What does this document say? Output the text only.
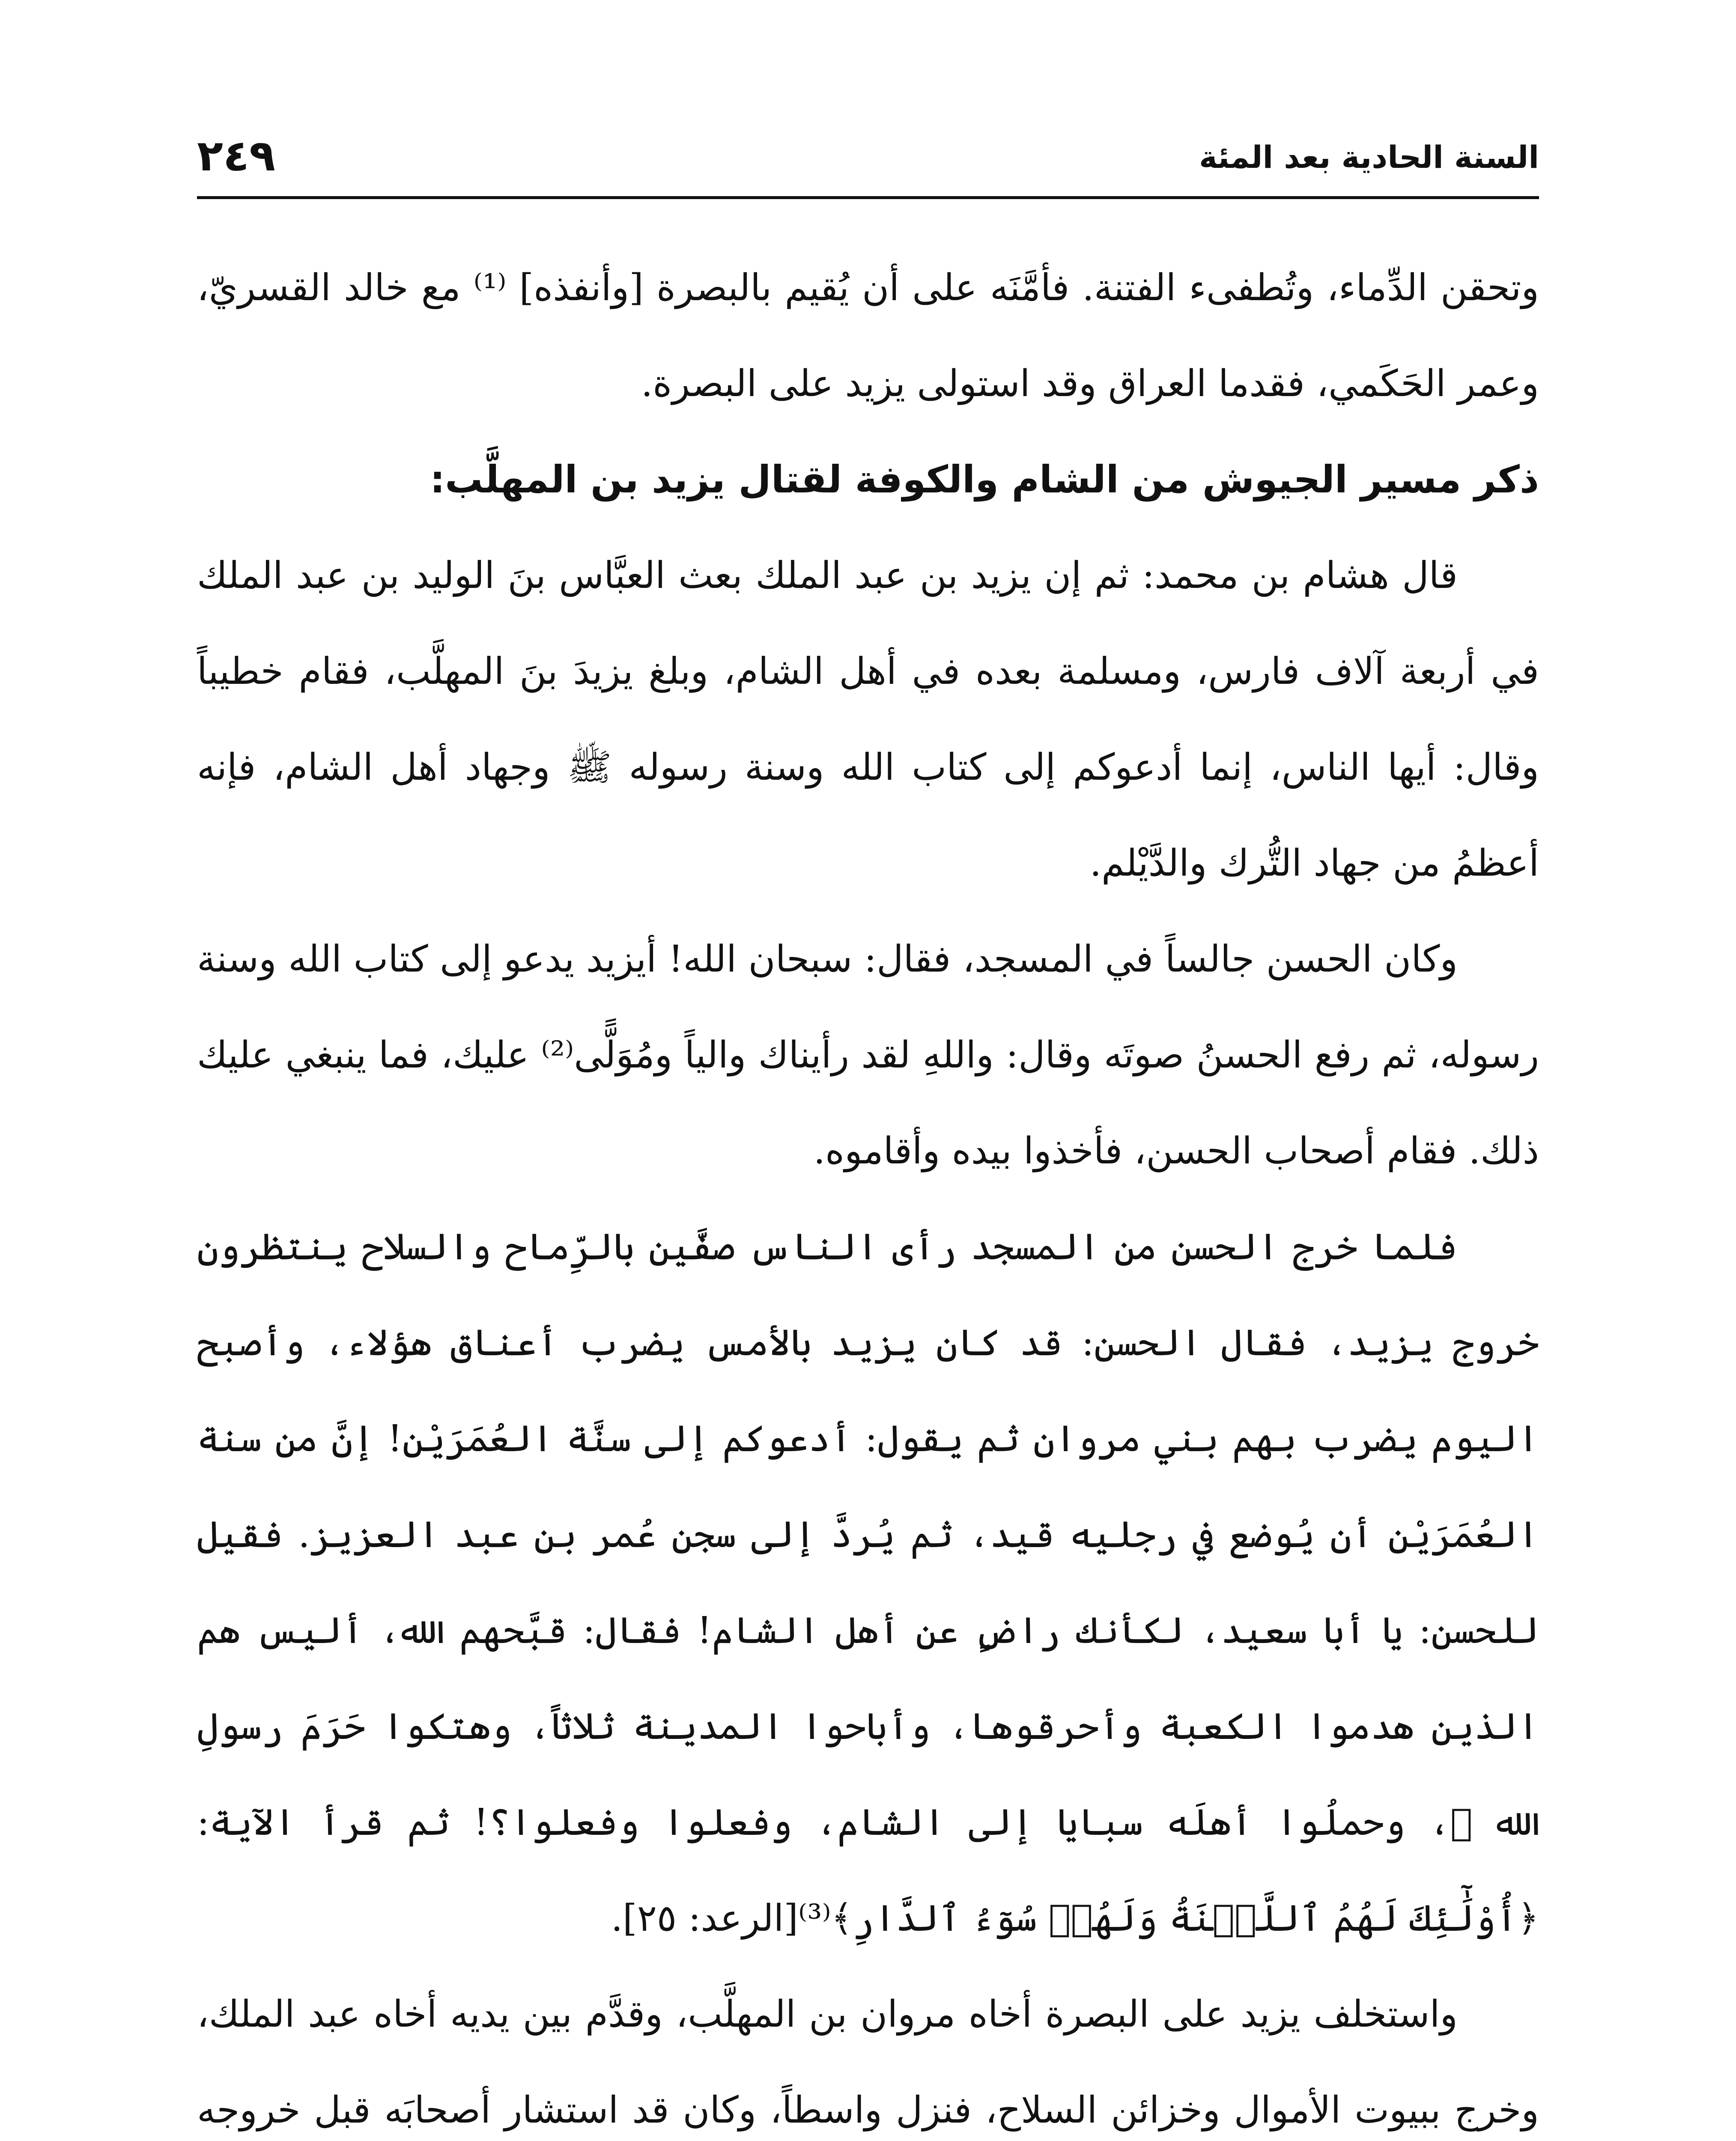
السنة الحادية بعد المئة
٢٤٩

وتحقن الدِّماء، وتُطفىء الفتنة. فأمَّنَه على أن يُقيم بالبصرة [وأنفذه] ⁽¹⁾ مع خالد القسريّ، وعمر الحَكَمي، فقدما العراق وقد استولى يزيد على البصرة.

ذكر مسير الجيوش من الشام والكوفة لقتال يزيد بن المهلَّب:

قال هشام بن محمد: ثم إن يزيد بن عبد الملك بعث العبَّاس بنَ الوليد بن عبد الملك في أربعة آلاف فارس، ومسلمة بعده في أهل الشام، وبلغ يزيدَ بنَ المهلَّب، فقام خطيباً وقال: أيها الناس، إنما أدعوكم إلى كتاب الله وسنة رسوله ﷺ وجهاد أهل الشام، فإنه أعظمُ من جهاد التُّرك والدَّيْلم.

وكان الحسن جالساً في المسجد، فقال: سبحان الله! أيزيد يدعو إلى كتاب الله وسنة رسوله، ثم رفع الحسنُ صوتَه وقال: واللهِ لقد رأيناك والياً ومُوَلًّى⁽²⁾ عليك، فما ينبغي عليك ذلك. فقام أصحاب الحسن، فأخذوا بيده وأقاموه.

فلما خرج الحسن من المسجد رأى الناس صفَّين بالرِّماح والسلاح ينتظرون خروج يزيد، فقال الحسن: قد كان يزيد بالأمس يضرب أعناق هؤلاء، وأصبح اليوم يضرب بهم بني مروان ثم يقول: أدعوكم إلى سنَّة العُمَرَيْن! إنَّ من سنة العُمَرَيْن أن يُوضع في رجليه قيد، ثم يُردَّ إلى سجن عُمر بن عبد العزيز. فقيل للحسن: يا أبا سعيد، لكأنك راضٍ عن أهل الشام! فقال: قبَّحهم الله، أليس هم الذين هدموا الكعبة وأحرقوها، وأباحوا المدينة ثلاثاً، وهتكوا حَرَمَ رسولِ الله ﷺ، وحملُوا أهلَه سبايا إلى الشام، وفعلوا وفعلوا؟! ثم قرأ الآية: ﴿أُوْلَٰٓئِكَ لَهُمُ ٱللَّعۡنَةُ وَلَهُمۡ سُوٓءُ ٱلدَّارِ﴾⁽³⁾[الرعد: ٢٥].

واستخلف يزيد على البصرة أخاه مروان بن المهلَّب، وقدَّم بين يديه أخاه عبد الملك، وخرج ببيوت الأموال وخزائن السلاح، فنزل واسطاً، وكان قد استشار أصحابَه قبل خروجه
